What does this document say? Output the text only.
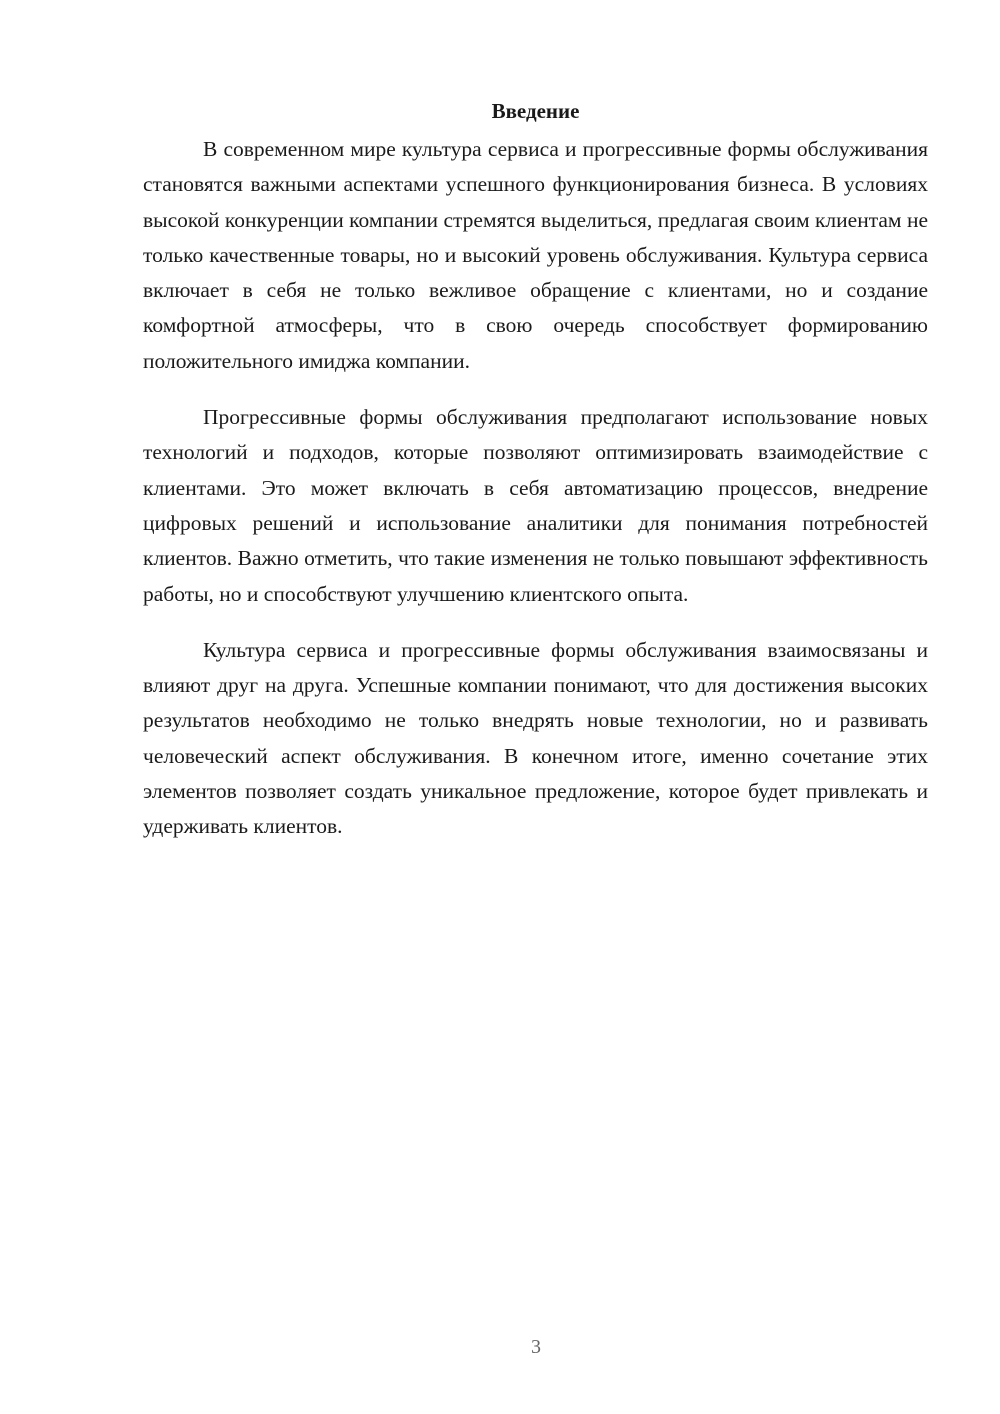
Введение

В современном мире культура сервиса и прогрессивные формы обслуживания становятся важными аспектами успешного функционирования бизнеса. В условиях высокой конкуренции компании стремятся выделиться, предлагая своим клиентам не только качественные товары, но и высокий уровень обслуживания. Культура сервиса включает в себя не только вежливое обращение с клиентами, но и создание комфортной атмосферы, что в свою очередь способствует формированию положительного имиджа компании.

Прогрессивные формы обслуживания предполагают использование новых технологий и подходов, которые позволяют оптимизировать взаимодействие с клиентами. Это может включать в себя автоматизацию процессов, внедрение цифровых решений и использование аналитики для понимания потребностей клиентов. Важно отметить, что такие изменения не только повышают эффективность работы, но и способствуют улучшению клиентского опыта.

Культура сервиса и прогрессивные формы обслуживания взаимосвязаны и влияют друг на друга. Успешные компании понимают, что для достижения высоких результатов необходимо не только внедрять новые технологии, но и развивать человеческий аспект обслуживания. В конечном итоге, именно сочетание этих элементов позволяет создать уникальное предложение, которое будет привлекать и удерживать клиентов.

3
